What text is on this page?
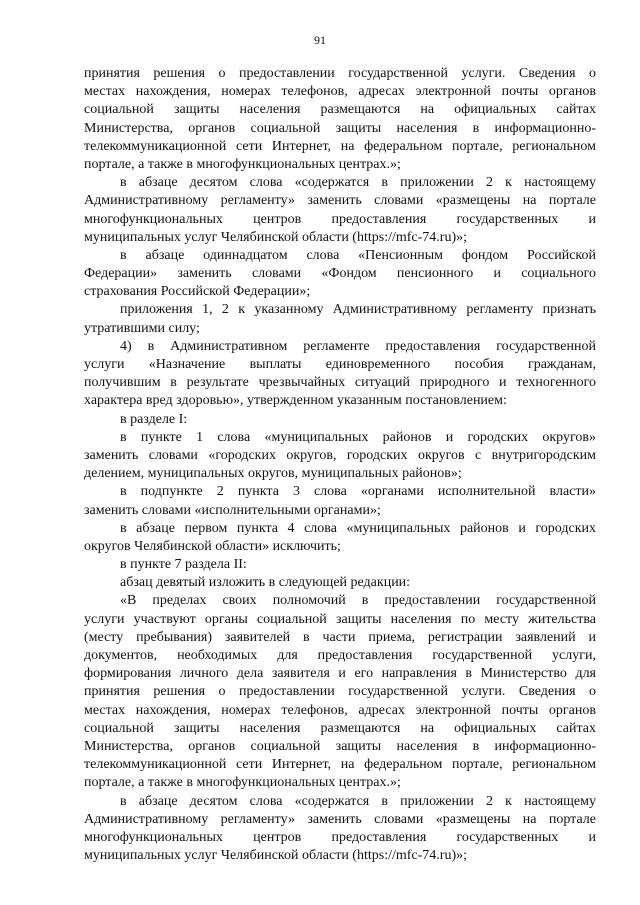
91
принятия решения о предоставлении государственной услуги. Сведения о
местах нахождения, номерах телефонов, адресах электронной почты органов
социальной защиты населения размещаются на официальных сайтах
Министерства, органов социальной защиты населения в информационно-
телекоммуникационной сети Интернет, на федеральном портале, региональном
портале, а также в многофункциональных центрах.»;
в абзаце десятом слова «содержатся в приложении 2 к настоящему
Административному регламенту» заменить словами «размещены на портале
многофункциональных центров предоставления государственных и
муниципальных услуг Челябинской области (https://mfc-74.ru)»;
в абзаце одиннадцатом слова «Пенсионным фондом Российской
Федерации» заменить словами «Фондом пенсионного и социального
страхования Российской Федерации»;
приложения 1, 2 к указанному Административному регламенту признать
утратившими силу;
4) в Административном регламенте предоставления государственной
услуги «Назначение выплаты единовременного пособия гражданам,
получившим в результате чрезвычайных ситуаций природного и техногенного
характера вред здоровью», утвержденном указанным постановлением:
в разделе I:
в пункте 1 слова «муниципальных районов и городских округов»
заменить словами «городских округов, городских округов с внутригородским
делением, муниципальных округов, муниципальных районов»;
в подпункте 2 пункта 3 слова «органами исполнительной власти»
заменить словами «исполнительными органами»;
в абзаце первом пункта 4 слова «муниципальных районов и городских
округов Челябинской области» исключить;
в пункте 7 раздела II:
абзац девятый изложить в следующей редакции:
«В пределах своих полномочий в предоставлении государственной
услуги участвуют органы социальной защиты населения по месту жительства
(месту пребывания) заявителей в части приема, регистрации заявлений и
документов, необходимых для предоставления государственной услуги,
формирования личного дела заявителя и его направления в Министерство для
принятия решения о предоставлении государственной услуги. Сведения о
местах нахождения, номерах телефонов, адресах электронной почты органов
социальной защиты населения размещаются на официальных сайтах
Министерства, органов социальной защиты населения в информационно-
телекоммуникационной сети Интернет, на федеральном портале, региональном
портале, а также в многофункциональных центрах.»;
в абзаце десятом слова «содержатся в приложении 2 к настоящему
Административному регламенту» заменить словами «размещены на портале
многофункциональных центров предоставления государственных и
муниципальных услуг Челябинской области (https://mfc-74.ru)»;
